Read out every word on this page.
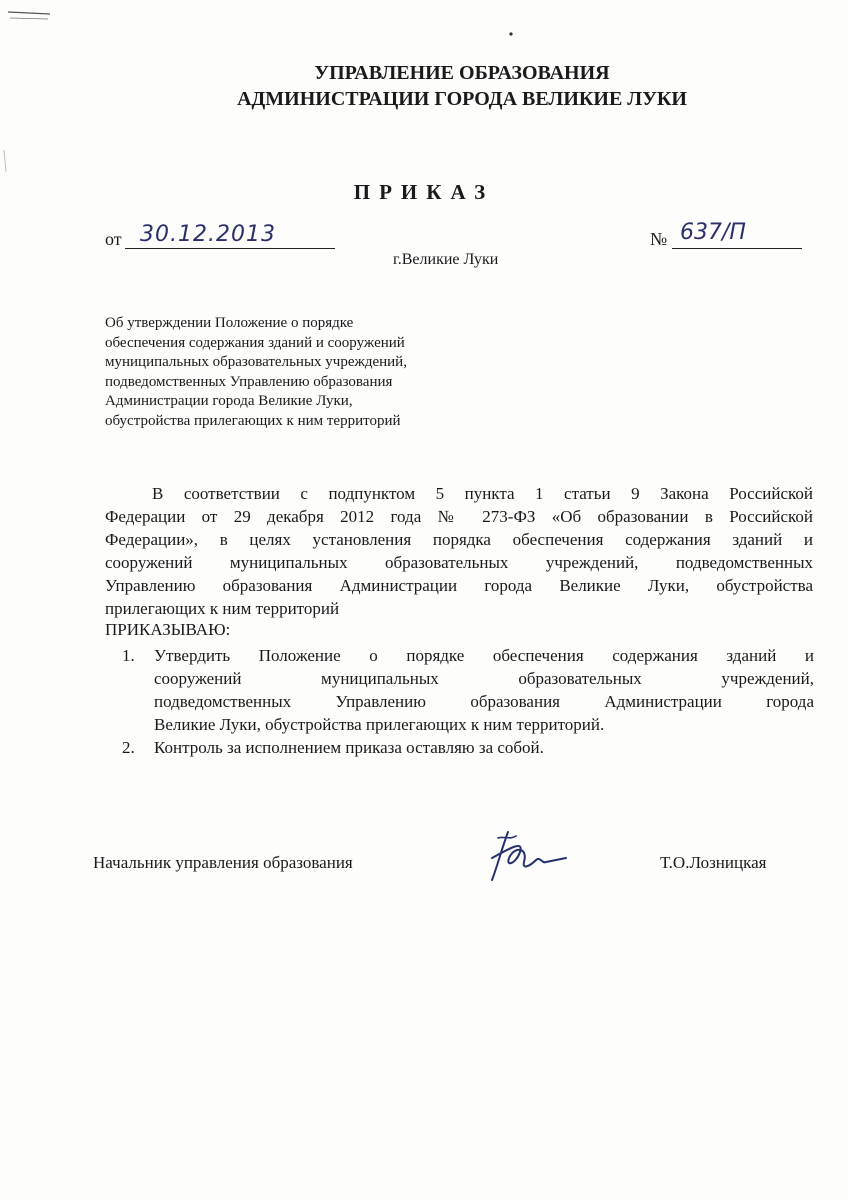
УПРАВЛЕНИЕ ОБРАЗОВАНИЯ
АДМИНИСТРАЦИИ ГОРОДА ВЕЛИКИЕ ЛУКИ
ПРИКАЗ
от 30.12.2013	№ 637/П
г.Великие Луки
Об утверждении Положение о порядке
обеспечения содержания зданий и сооружений
муниципальных образовательных учреждений,
подведомственных Управлению образования
Администрации города Великие Луки,
обустройства прилегающих к ним территорий
В соответствии с подпунктом 5 пункта 1 статьи 9 Закона Российской
Федерации от 29 декабря 2012 года № 273-ФЗ «Об образовании в Российской
Федерации», в целях установления порядка обеспечения содержания зданий и
сооружений муниципальных образовательных учреждений, подведомственных
Управлению образования Администрации города Великие Луки, обустройства
прилегающих к ним территорий
ПРИКАЗЫВАЮ:
1. Утвердить Положение о порядке обеспечения содержания зданий и
сооружений муниципальных образовательных учреждений,
подведомственных Управлению образования Администрации города
Великие Луки, обустройства прилегающих к ним территорий.
2. Контроль за исполнением приказа оставляю за собой.
Начальник управления образования	Т.О.Лозницкая
